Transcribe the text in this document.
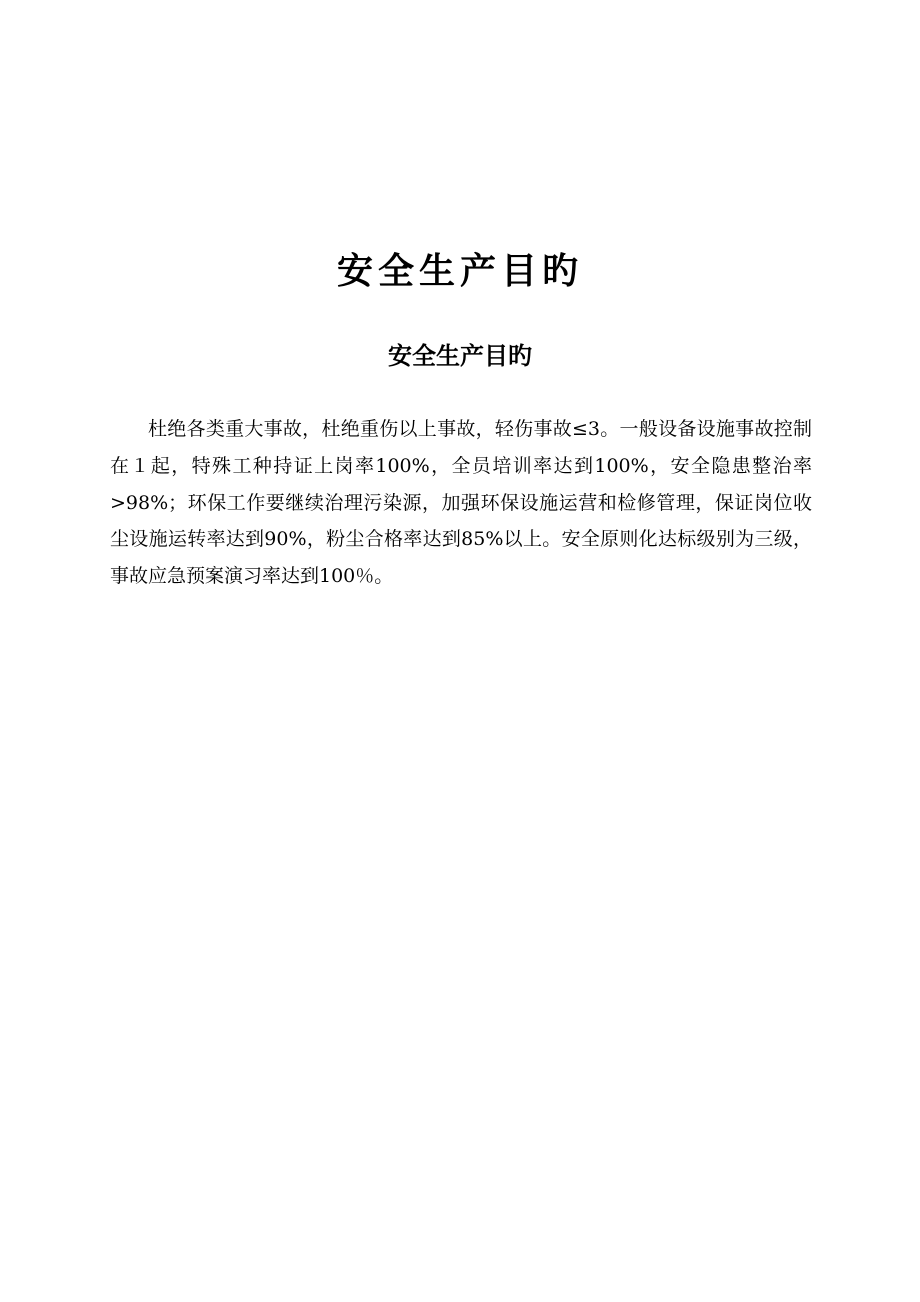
安全生产目旳
安全生产目旳

杜绝各类重大事故，杜绝重伤以上事故，轻伤事故≤3。一般设备设施事故控制在１起，特殊工种持证上岗率100%，全员培训率达到100%，安全隐患整治率>98%；环保工作要继续治理污染源，加强环保设施运营和检修管理，保证岗位收尘设施运转率达到90%，粉尘合格率达到85%以上。安全原则化达标级别为三级，事故应急预案演习率达到100％。
